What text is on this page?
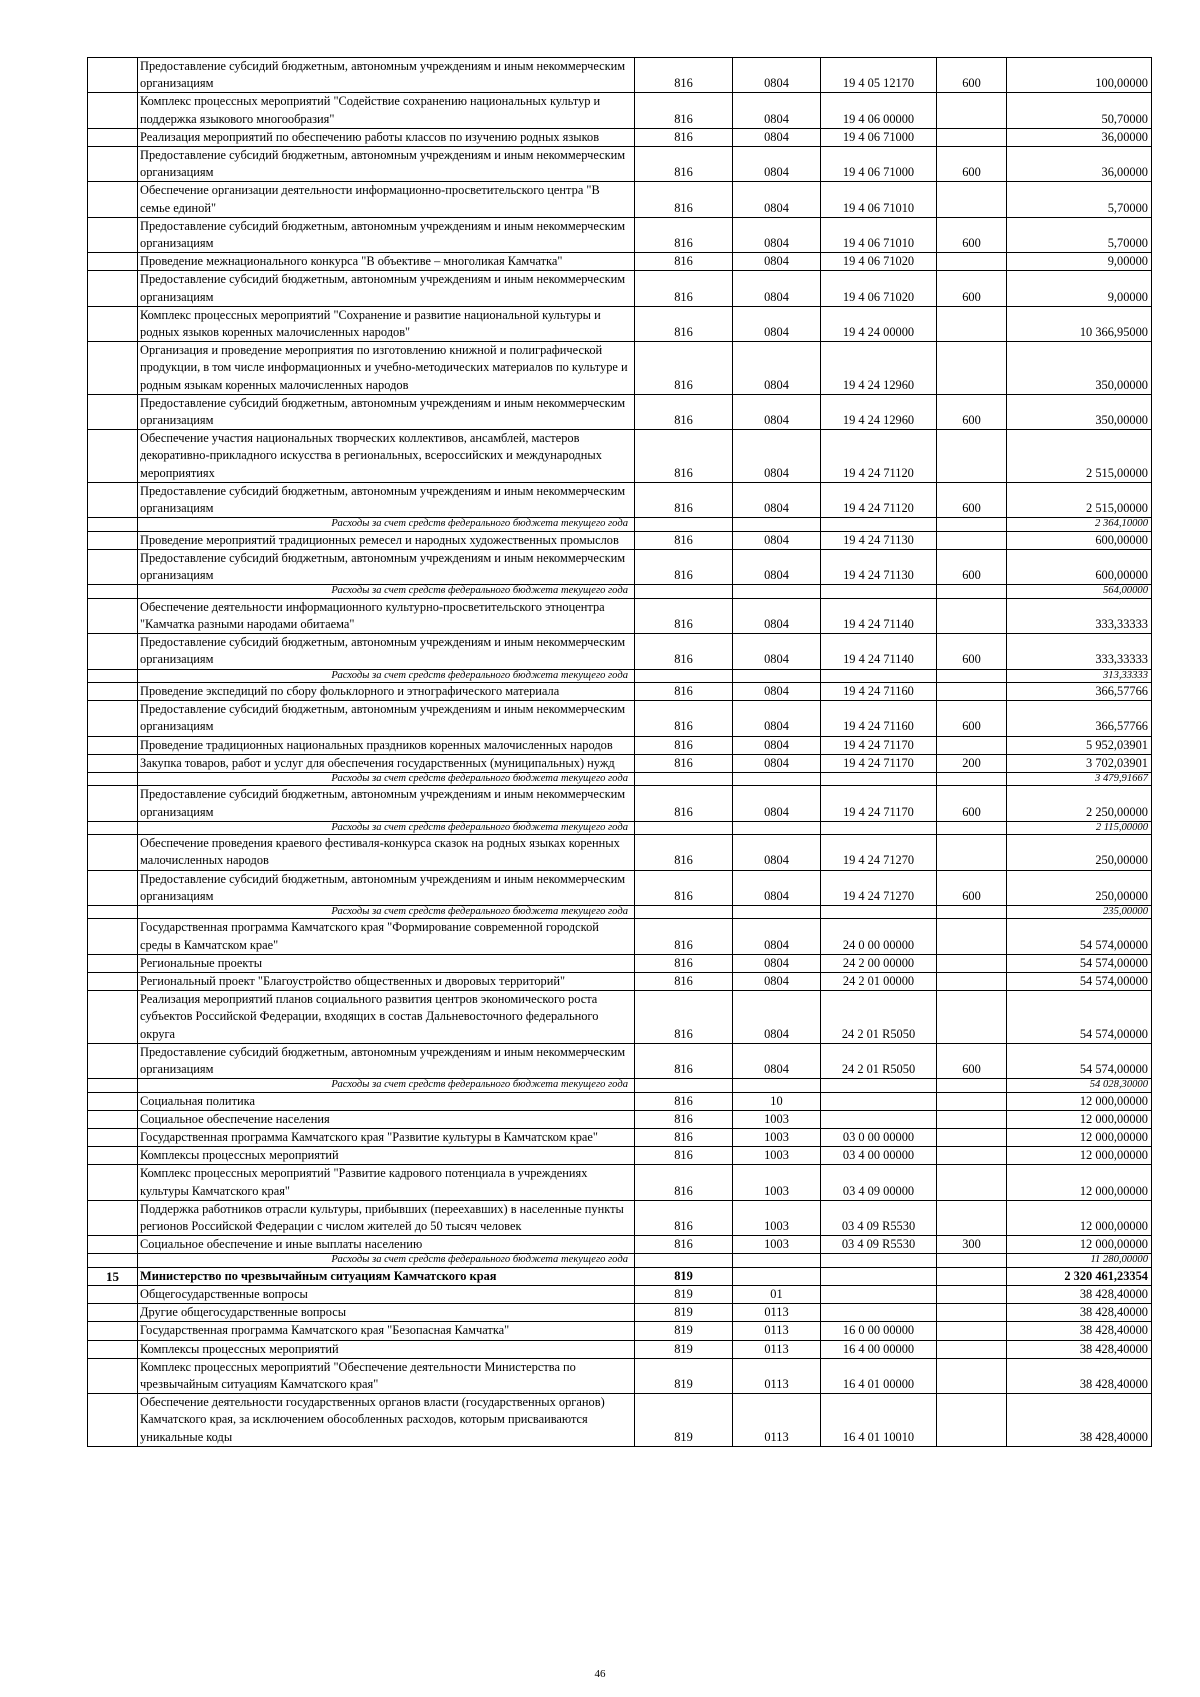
	Предоставление субсидий бюджетным, автономным учреждениям и иным некоммерческим организациям	816	0804	19 4 05 12170	600	100,00000
	Комплекс процессных мероприятий "Содействие сохранению национальных культур и поддержка языкового многообразия"	816	0804	19 4 06 00000		50,70000
	Реализация мероприятий по обеспечению работы классов по изучению родных языков	816	0804	19 4 06 71000		36,00000
	Предоставление субсидий бюджетным, автономным учреждениям и иным некоммерческим организациям	816	0804	19 4 06 71000	600	36,00000
	Обеспечение организации деятельности информационно-просветительского центра "В семье единой"	816	0804	19 4 06 71010		5,70000
	Предоставление субсидий бюджетным, автономным учреждениям и иным некоммерческим организациям	816	0804	19 4 06 71010	600	5,70000
	Проведение межнационального конкурса "В объективе – многоликая Камчатка"	816	0804	19 4 06 71020		9,00000
	Предоставление субсидий бюджетным, автономным учреждениям и иным некоммерческим организациям	816	0804	19 4 06 71020	600	9,00000
	Комплекс процессных мероприятий "Сохранение и развитие национальной культуры и родных языков коренных малочисленных народов"	816	0804	19 4 24 00000		10 366,95000
	Организация и проведение мероприятия по изготовлению книжной и полиграфической продукции, в том числе информационных и учебно-методических материалов по культуре и родным языкам коренных малочисленных народов	816	0804	19 4 24 12960		350,00000
	Предоставление субсидий бюджетным, автономным учреждениям и иным некоммерческим организациям	816	0804	19 4 24 12960	600	350,00000
	Обеспечение участия национальных творческих коллективов, ансамблей, мастеров декоративно-прикладного искусства в региональных, всероссийских и международных мероприятиях	816	0804	19 4 24 71120		2 515,00000
	Предоставление субсидий бюджетным, автономным учреждениям и иным некоммерческим организациям	816	0804	19 4 24 71120	600	2 515,00000
	Расходы за счет средств федерального бюджета текущего года					2 364,10000
	Проведение мероприятий традиционных ремесел и народных художественных промыслов	816	0804	19 4 24 71130		600,00000
	Предоставление субсидий бюджетным, автономным учреждениям и иным некоммерческим организациям	816	0804	19 4 24 71130	600	600,00000
	Расходы за счет средств федерального бюджета текущего года					564,00000
	Обеспечение деятельности информационного культурно-просветительского этноцентра "Камчатка разными народами обитаема"	816	0804	19 4 24 71140		333,33333
	Предоставление субсидий бюджетным, автономным учреждениям и иным некоммерческим организациям	816	0804	19 4 24 71140	600	333,33333
	Расходы за счет средств федерального бюджета текущего года					313,33333
	Проведение экспедиций по сбору фольклорного и этнографического материала	816	0804	19 4 24 71160		366,57766
	Предоставление субсидий бюджетным, автономным учреждениям и иным некоммерческим организациям	816	0804	19 4 24 71160	600	366,57766
	Проведение традиционных национальных праздников коренных малочисленных народов	816	0804	19 4 24 71170		5 952,03901
	Закупка товаров, работ и услуг для обеспечения государственных (муниципальных) нужд	816	0804	19 4 24 71170	200	3 702,03901
	Расходы за счет средств федерального бюджета текущего года					3 479,91667
	Предоставление субсидий бюджетным, автономным учреждениям и иным некоммерческим организациям	816	0804	19 4 24 71170	600	2 250,00000
	Расходы за счет средств федерального бюджета текущего года					2 115,00000
	Обеспечение проведения краевого фестиваля-конкурса сказок на родных языках коренных малочисленных народов	816	0804	19 4 24 71270		250,00000
	Предоставление субсидий бюджетным, автономным учреждениям и иным некоммерческим организациям	816	0804	19 4 24 71270	600	250,00000
	Расходы за счет средств федерального бюджета текущего года					235,00000
	Государственная программа Камчатского края "Формирование современной городской среды в Камчатском крае"	816	0804	24 0 00 00000		54 574,00000
	Региональные проекты	816	0804	24 2 00 00000		54 574,00000
	Региональный проект "Благоустройство общественных и дворовых территорий"	816	0804	24 2 01 00000		54 574,00000
	Реализация мероприятий планов социального развития центров экономического роста субъектов Российской Федерации, входящих в состав Дальневосточного федерального округа	816	0804	24 2 01 R5050		54 574,00000
	Предоставление субсидий бюджетным, автономным учреждениям и иным некоммерческим организациям	816	0804	24 2 01 R5050	600	54 574,00000
	Расходы за счет средств федерального бюджета текущего года					54 028,30000
	Социальная политика	816	10			12 000,00000
	Социальное обеспечение населения	816	1003			12 000,00000
	Государственная программа Камчатского края "Развитие культуры в Камчатском крае"	816	1003	03 0 00 00000		12 000,00000
	Комплексы процессных мероприятий	816	1003	03 4 00 00000		12 000,00000
	Комплекс процессных мероприятий "Развитие кадрового потенциала в учреждениях культуры Камчатского края"	816	1003	03 4 09 00000		12 000,00000
	Поддержка работников отрасли культуры, прибывших (переехавших) в населенные пункты регионов Российской Федерации с числом жителей до 50 тысяч человек	816	1003	03 4 09 R5530		12 000,00000
	Социальное обеспечение и иные выплаты населению	816	1003	03 4 09 R5530	300	12 000,00000
	Расходы за счет средств федерального бюджета текущего года					11 280,00000
15	Министерство по чрезвычайным ситуациям Камчатского края	819				2 320 461,23354
	Общегосударственные вопросы	819	01			38 428,40000
	Другие общегосударственные вопросы	819	0113			38 428,40000
	Государственная программа Камчатского края "Безопасная Камчатка"	819	0113	16 0 00 00000		38 428,40000
	Комплексы процессных мероприятий	819	0113	16 4 00 00000		38 428,40000
	Комплекс процессных мероприятий "Обеспечение деятельности Министерства по чрезвычайным ситуациям Камчатского края"	819	0113	16 4 01 00000		38 428,40000
	Обеспечение деятельности государственных органов власти (государственных органов) Камчатского края, за исключением обособленных расходов, которым присваиваются уникальные коды	819	0113	16 4 01 10010		38 428,40000
46
